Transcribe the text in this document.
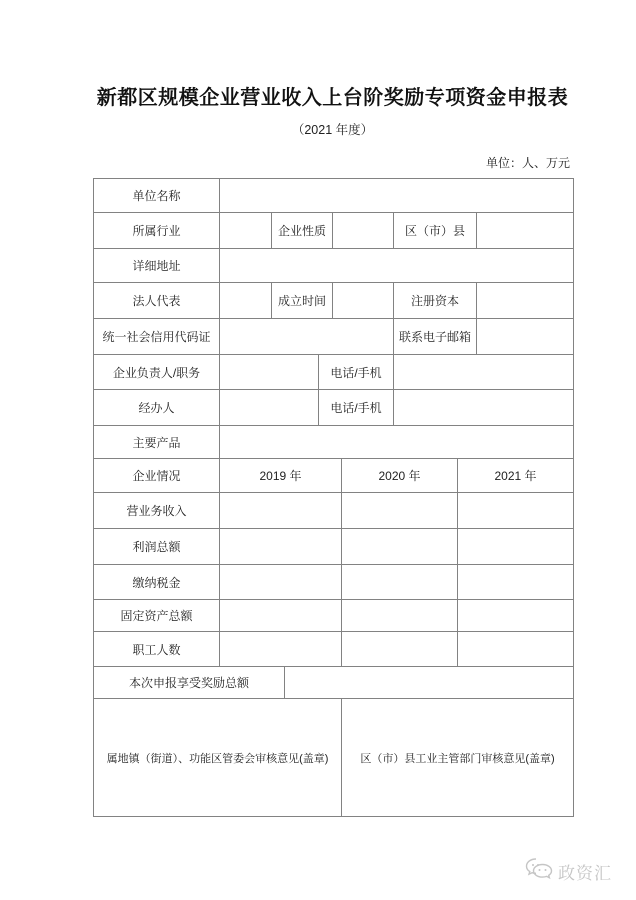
新都区规模企业营业收入上台阶奖励专项资金申报表
（2021 年度）
单位：人、万元
单位名称
所属行业	企业性质	区（市）县
详细地址
法人代表	成立时间	注册资本
统一社会信用代码证	联系电子邮箱
企业负责人/职务	电话/手机
经办人	电话/手机
主要产品
企业情况	2019 年	2020 年	2021 年
营业务收入
利润总额
缴纳税金
固定资产总额
职工人数
本次申报享受奖励总额
属地镇（街道）、功能区管委会审核意见(盖章)	区（市）县工业主管部门审核意见(盖章)
政资汇
